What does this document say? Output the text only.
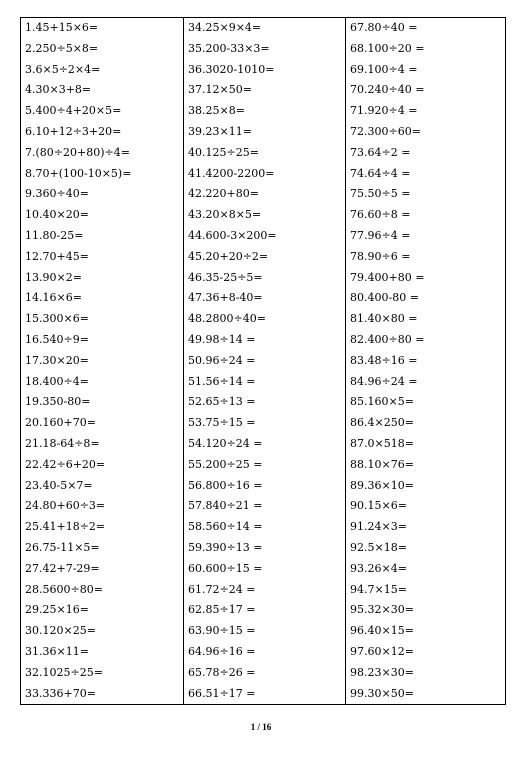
1.45+15×6=
2.250÷5×8=
3.6×5÷2×4=
4.30×3+8=
5.400÷4+20×5=
6.10+12÷3+20=
7.(80÷20+80)÷4=
8.70+(100-10×5)=
9.360÷40=
10.40×20=
11.80-25=
12.70+45=
13.90×2=
14.16×6=
15.300×6=
16.540÷9=
17.30×20=
18.400÷4=
19.350-80=
20.160+70=
21.18-64÷8=
22.42÷6+20=
23.40-5×7=
24.80+60÷3=
25.41+18÷2=
26.75-11×5=
27.42+7-29=
28.5600÷80=
29.25×16=
30.120×25=
31.36×11=
32.1025÷25=
33.336+70=
34.25×9×4=
35.200-33×3=
36.3020-1010=
37.12×50=
38.25×8=
39.23×11=
40.125÷25=
41.4200-2200=
42.220+80=
43.20×8×5=
44.600-3×200=
45.20+20÷2=
46.35-25÷5=
47.36+8-40=
48.2800÷40=
49.98÷14 =
50.96÷24 =
51.56÷14 =
52.65÷13 =
53.75÷15 =
54.120÷24 =
55.200÷25 =
56.800÷16 =
57.840÷21 =
58.560÷14 =
59.390÷13 =
60.600÷15 =
61.72÷24 =
62.85÷17 =
63.90÷15 =
64.96÷16 =
65.78÷26 =
66.51÷17 =
67.80÷40 =
68.100÷20 =
69.100÷4 =
70.240÷40 =
71.920÷4 =
72.300÷60=
73.64÷2 =
74.64÷4 =
75.50÷5 =
76.60÷8 =
77.96÷4 =
78.90÷6 =
79.400+80 =
80.400-80 =
81.40×80 =
82.400÷80 =
83.48÷16 =
84.96÷24 =
85.160×5=
86.4×250=
87.0×518=
88.10×76=
89.36×10=
90.15×6=
91.24×3=
92.5×18=
93.26×4=
94.7×15=
95.32×30=
96.40×15=
97.60×12=
98.23×30=
99.30×50=
1 / 16
